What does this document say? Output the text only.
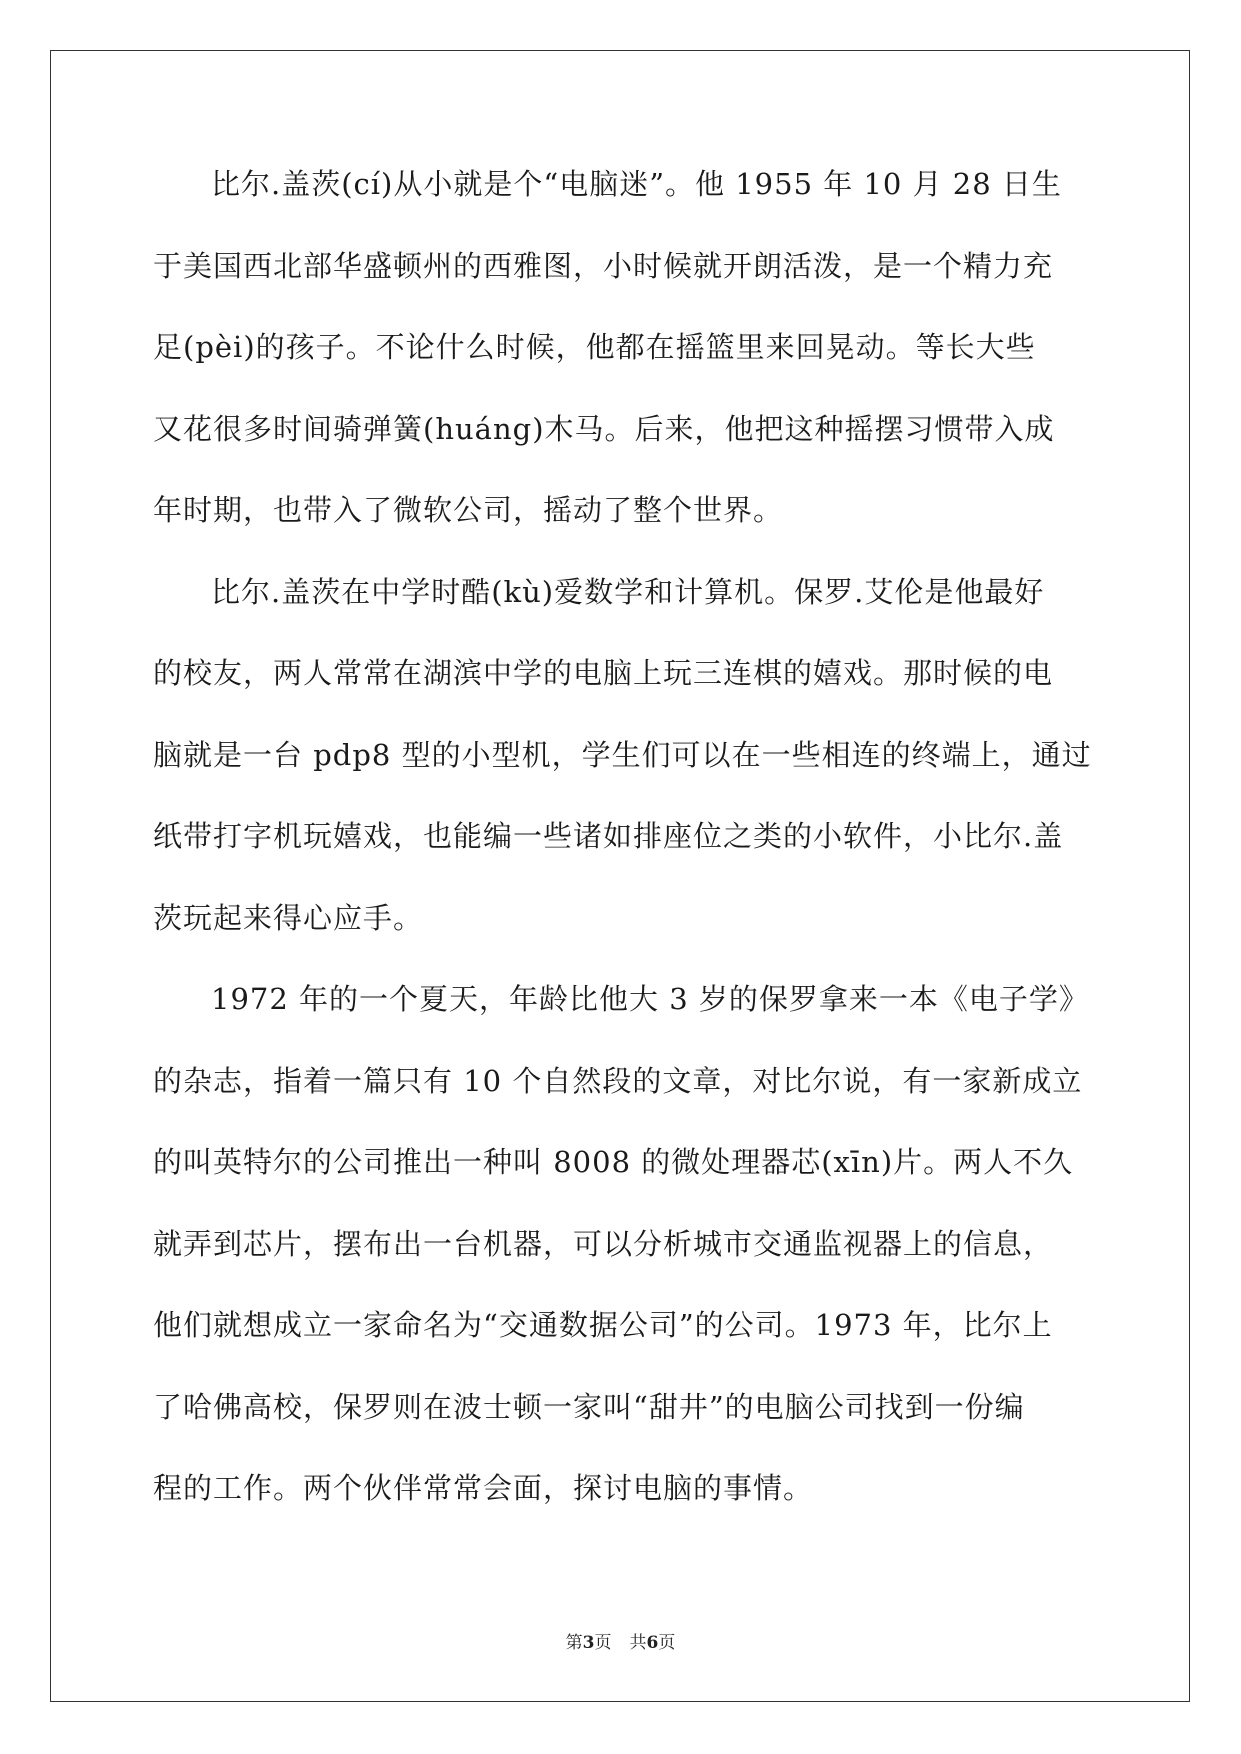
比尔.盖茨(cí)从小就是个“电脑迷”。他 1955 年 10 月 28 日生
于美国西北部华盛顿州的西雅图，小时候就开朗活泼，是一个精力充
足(pèi)的孩子。不论什么时候，他都在摇篮里来回晃动。等长大些
又花很多时间骑弹簧(huáng)木马。后来，他把这种摇摆习惯带入成
年时期，也带入了微软公司，摇动了整个世界。
比尔.盖茨在中学时酷(kù)爱数学和计算机。保罗.艾伦是他最好
的校友，两人常常在湖滨中学的电脑上玩三连棋的嬉戏。那时候的电
脑就是一台 pdp8 型的小型机，学生们可以在一些相连的终端上，通过
纸带打字机玩嬉戏，也能编一些诸如排座位之类的小软件，小比尔.盖
茨玩起来得心应手。
1972 年的一个夏天，年龄比他大 3 岁的保罗拿来一本《电子学》
的杂志，指着一篇只有 10 个自然段的文章，对比尔说，有一家新成立
的叫英特尔的公司推出一种叫 8008 的微处理器芯(xīn)片。两人不久
就弄到芯片，摆布出一台机器，可以分析城市交通监视器上的信息，
他们就想成立一家命名为“交通数据公司”的公司。1973 年，比尔上
了哈佛高校，保罗则在波士顿一家叫“甜井”的电脑公司找到一份编
程的工作。两个伙伴常常会面，探讨电脑的事情。
第3页 共6页
